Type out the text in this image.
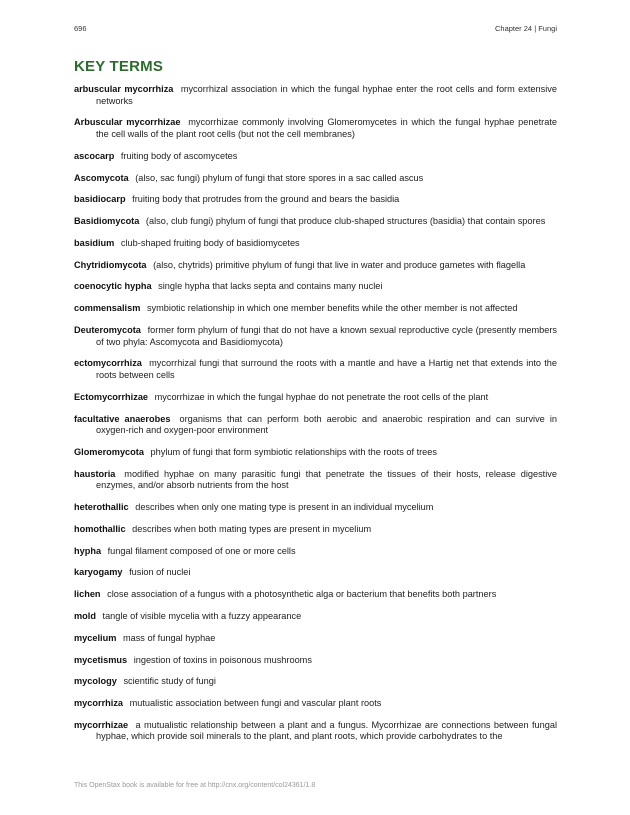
696	Chapter 24 | Fungi
KEY TERMS

arbuscular mycorrhiza mycorrhizal association in which the fungal hyphae enter the root cells and form extensive networks

Arbuscular mycorrhizae mycorrhizae commonly involving Glomeromycetes in which the fungal hyphae penetrate the cell walls of the plant root cells (but not the cell membranes)

ascocarp fruiting body of ascomycetes

Ascomycota (also, sac fungi) phylum of fungi that store spores in a sac called ascus

basidiocarp fruiting body that protrudes from the ground and bears the basidia

Basidiomycota (also, club fungi) phylum of fungi that produce club-shaped structures (basidia) that contain spores

basidium club-shaped fruiting body of basidiomycetes

Chytridiomycota (also, chytrids) primitive phylum of fungi that live in water and produce gametes with flagella

coenocytic hypha single hypha that lacks septa and contains many nuclei

commensalism symbiotic relationship in which one member benefits while the other member is not affected

Deuteromycota former form phylum of fungi that do not have a known sexual reproductive cycle (presently members of two phyla: Ascomycota and Basidiomycota)

ectomycorrhiza mycorrhizal fungi that surround the roots with a mantle and have a Hartig net that extends into the roots between cells

Ectomycorrhizae mycorrhizae in which the fungal hyphae do not penetrate the root cells of the plant

facultative anaerobes organisms that can perform both aerobic and anaerobic respiration and can survive in oxygen-rich and oxygen-poor environment

Glomeromycota phylum of fungi that form symbiotic relationships with the roots of trees

haustoria modified hyphae on many parasitic fungi that penetrate the tissues of their hosts, release digestive enzymes, and/or absorb nutrients from the host

heterothallic describes when only one mating type is present in an individual mycelium

homothallic describes when both mating types are present in mycelium

hypha fungal filament composed of one or more cells

karyogamy fusion of nuclei

lichen close association of a fungus with a photosynthetic alga or bacterium that benefits both partners

mold tangle of visible mycelia with a fuzzy appearance

mycelium mass of fungal hyphae

mycetismus ingestion of toxins in poisonous mushrooms

mycology scientific study of fungi

mycorrhiza mutualistic association between fungi and vascular plant roots

mycorrhizae a mutualistic relationship between a plant and a fungus. Mycorrhizae are connections between fungal hyphae, which provide soil minerals to the plant, and plant roots, which provide carbohydrates to the

This OpenStax book is available for free at http://cnx.org/content/col24361/1.8
